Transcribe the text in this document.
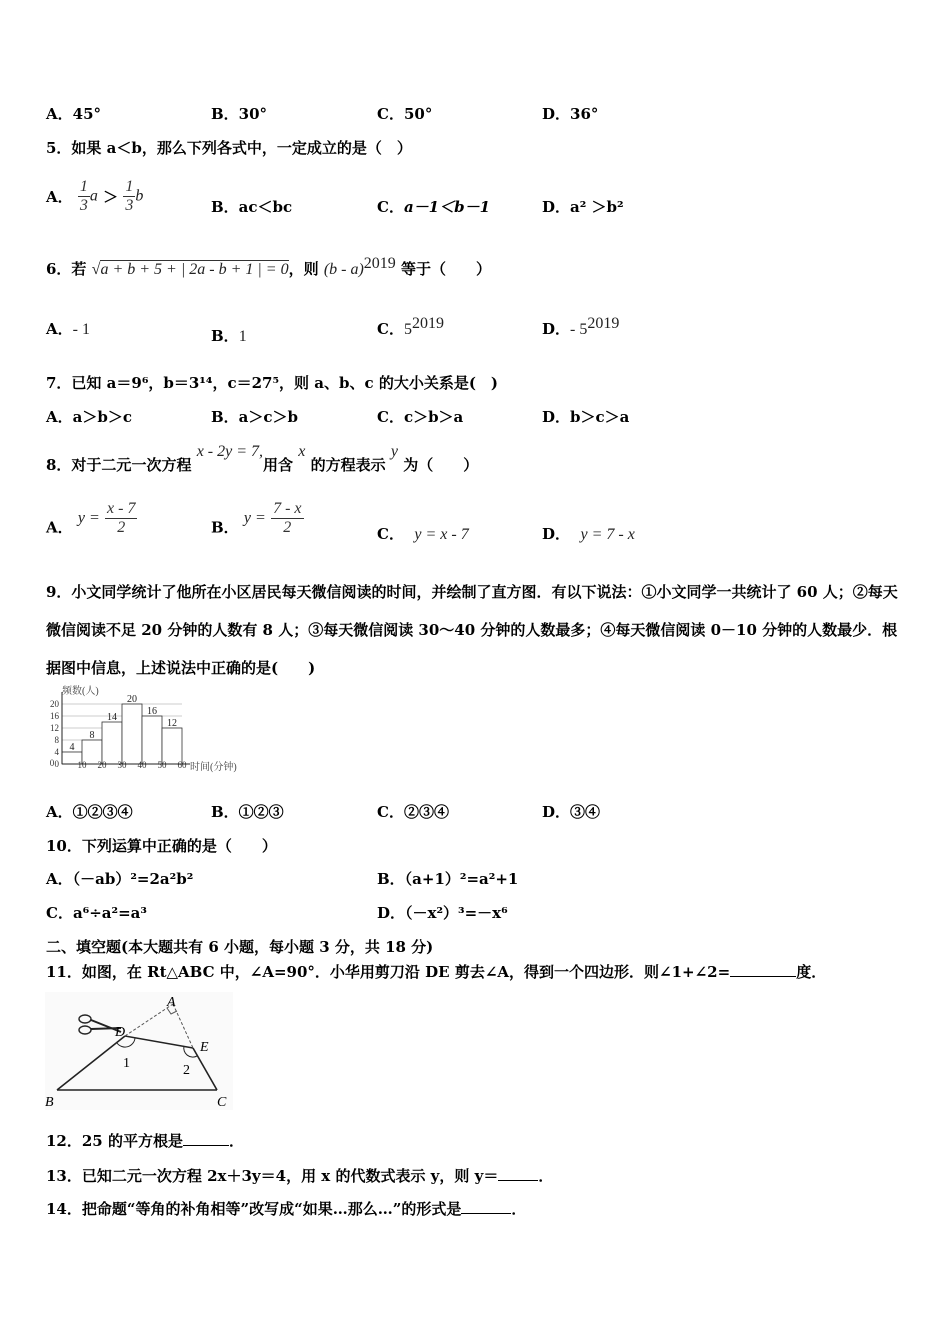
A．45°	B．30°	C．50°	D．36°
5．如果 a＜b，那么下列各式中，一定成立的是（　）
A． $\frac{1}{3}$ $a > \frac{1}{3}$ b
B．ac＜bc	C．a－1＜b－1	D．a² ＞b²
6．若 √a + b + 5 + | 2a - b + 1 | = 0，则 (b - a)$^{2019}$ 等于（　　）
A．- 1	B．1	C．$5^{2019}$	D．- $5^{2019}$
7．已知 a＝9⁶，b＝3¹⁴，c＝27⁵，则 a、b、c 的大小关系是(　)
A．a＞b＞c	B．a＞c＞b	C．c＞b＞a	D．b＞c＞a
8．对于二元一次方程 x - 2y = 7,用含 x 的方程表示 y 为（　　）
A． $y = \frac{x - 7}{2}$	B． $y = \frac{7 - x}{2}$	C． y = x - 7	D． y = 7 - x
9．小文同学统计了他所在小区居民每天微信阅读的时间，并绘制了直方图．有以下说法：①小文同学一共统计了 60 人；②每天微信阅读不足 20 分钟的人数有 8 人；③每天微信阅读 30～40 分钟的人数最多；④每天微信阅读 0－10 分钟的人数最少．根据图中信息，上述说法中正确的是(　　)
频数(人)
时间(分钟)
0
4
8
12
16
20
4
8
14
20
16
12
0	10 20 30 40 50 60
A．①②③④	B．①②③	C．②③④	D．③④
10．下列运算中正确的是（　　）
A．（－ab）²=2a²b²	B．（a+1）²=a²+1
C．a⁶÷a²=a³	D．（－x²）³=－x⁶
二、填空题(本大题共有 6 小题，每小题 3 分，共 18 分)
11．如图，在 Rt△ABC 中，∠A=90°．小华用剪刀沿 DE 剪去∠A，得到一个四边形．则∠1+∠2=	度．
A
D
E
B	C
1	2
12．25 的平方根是	．
13．已知二元一次方程 2x＋3y＝4，用 x 的代数式表示 y，则 y＝	．
14．把命题“等角的补角相等”改写成“如果…那么…”的形式是	．
